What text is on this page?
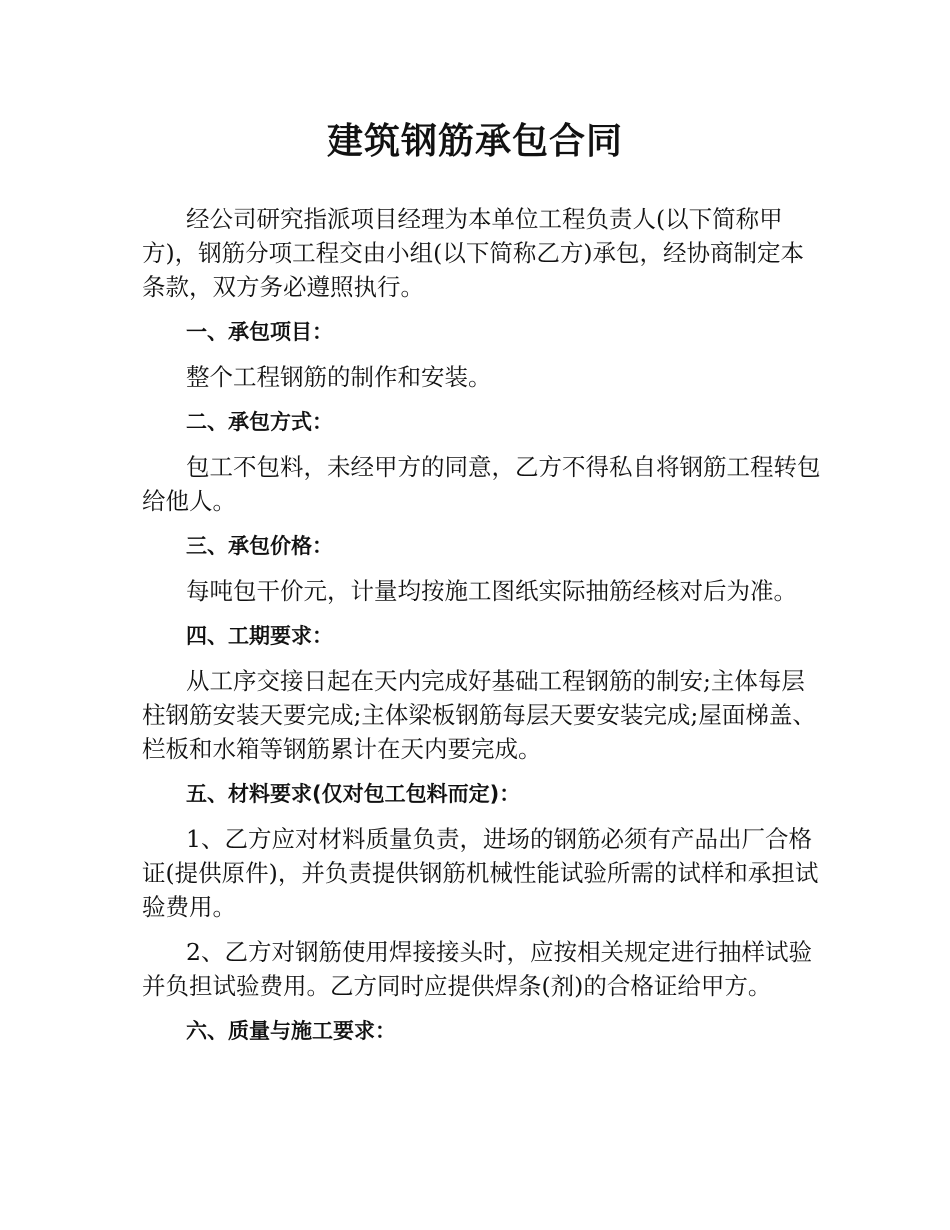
建筑钢筋承包合同

经公司研究指派项目经理为本单位工程负责人(以下简称甲方)，钢筋分项工程交由小组(以下简称乙方)承包，经协商制定本条款，双方务必遵照执行。

一、承包项目：

整个工程钢筋的制作和安装。

二、承包方式：

包工不包料，未经甲方的同意，乙方不得私自将钢筋工程转包给他人。

三、承包价格：

每吨包干价元，计量均按施工图纸实际抽筋经核对后为准。

四、工期要求：

从工序交接日起在天内完成好基础工程钢筋的制安;主体每层柱钢筋安装天要完成;主体梁板钢筋每层天要安装完成;屋面梯盖、栏板和水箱等钢筋累计在天内要完成。

五、材料要求(仅对包工包料而定)：

1、乙方应对材料质量负责，进场的钢筋必须有产品出厂合格证(提供原件)，并负责提供钢筋机械性能试验所需的试样和承担试验费用。

2、乙方对钢筋使用焊接接头时，应按相关规定进行抽样试验并负担试验费用。乙方同时应提供焊条(剂)的合格证给甲方。

六、质量与施工要求：
